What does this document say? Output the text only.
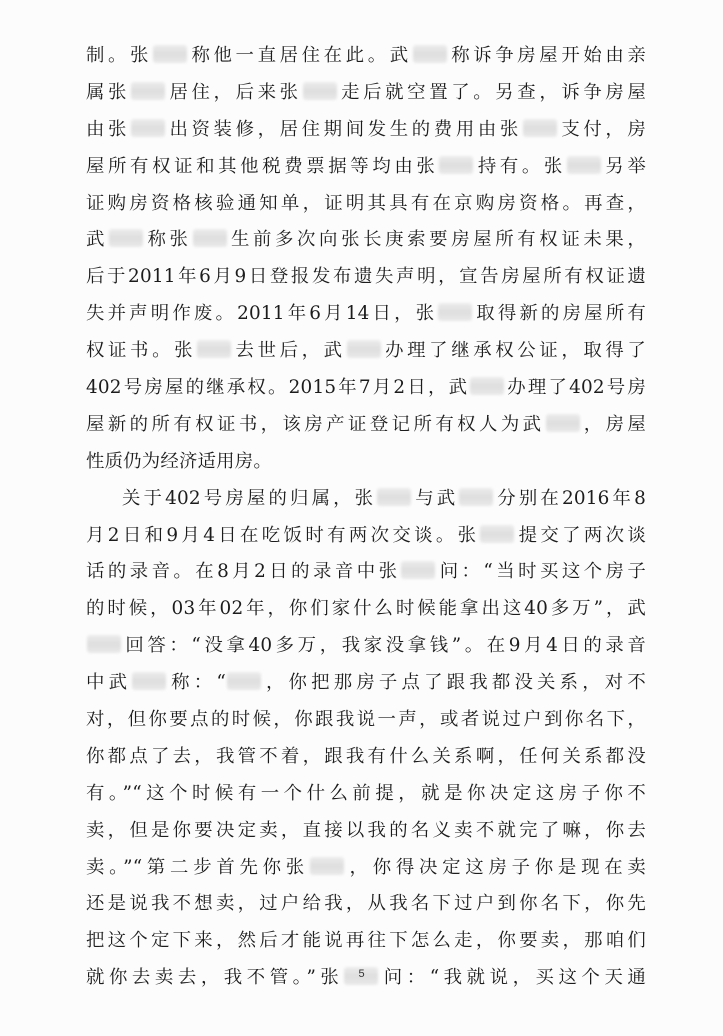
制。张 称他一直居住在此。武 称诉争房屋开始由亲
属张 居住，后来张 走后就空置了。另查，诉争房屋
由张 出资装修，居住期间发生的费用由张 支付，房
屋所有权证和其他税费票据等均由张 持有。张 另举
证购房资格核验通知单，证明其具有在京购房资格。再查，
武 称张 生前多次向张长庚索要房屋所有权证未果，
后于2011年6月9日登报发布遗失声明，宣告房屋所有权证遗
失并声明作废。2011年6月14日，张 取得新的房屋所有
权证书。张 去世后，武 办理了继承权公证，取得了
402号房屋的继承权。2015年7月2日，武 办理了402号房
屋新的所有权证书，该房产证登记所有权人为武 ，房屋
性质仍为经济适用房。
关于402号房屋的归属，张 与武 分别在2016年8
月2日和9月4日在吃饭时有两次交谈。张 提交了两次谈
话的录音。在8月2日的录音中张 问：“当时买这个房子
的时候，03年02年，你们家什么时候能拿出这40多万”，武
回答：“没拿40多万，我家没拿钱”。在9月4日的录音
中武 称：“ ，你把那房子点了跟我都没关系，对不
对，但你要点的时候，你跟我说一声，或者说过户到你名下，
你都点了去，我管不着，跟我有什么关系啊，任何关系都没
有。”“这个时候有一个什么前提，就是你决定这房子你不
卖，但是你要决定卖，直接以我的名义卖不就完了嘛，你去
卖。”“第二步首先你张 ，你得决定这房子你是现在卖
还是说我不想卖，过户给我，从我名下过户到你名下，你先
把这个定下来，然后才能说再往下怎么走，你要卖，那咱们
就你去卖去，我不管。”张 问：“我就说，买这个天通
5
